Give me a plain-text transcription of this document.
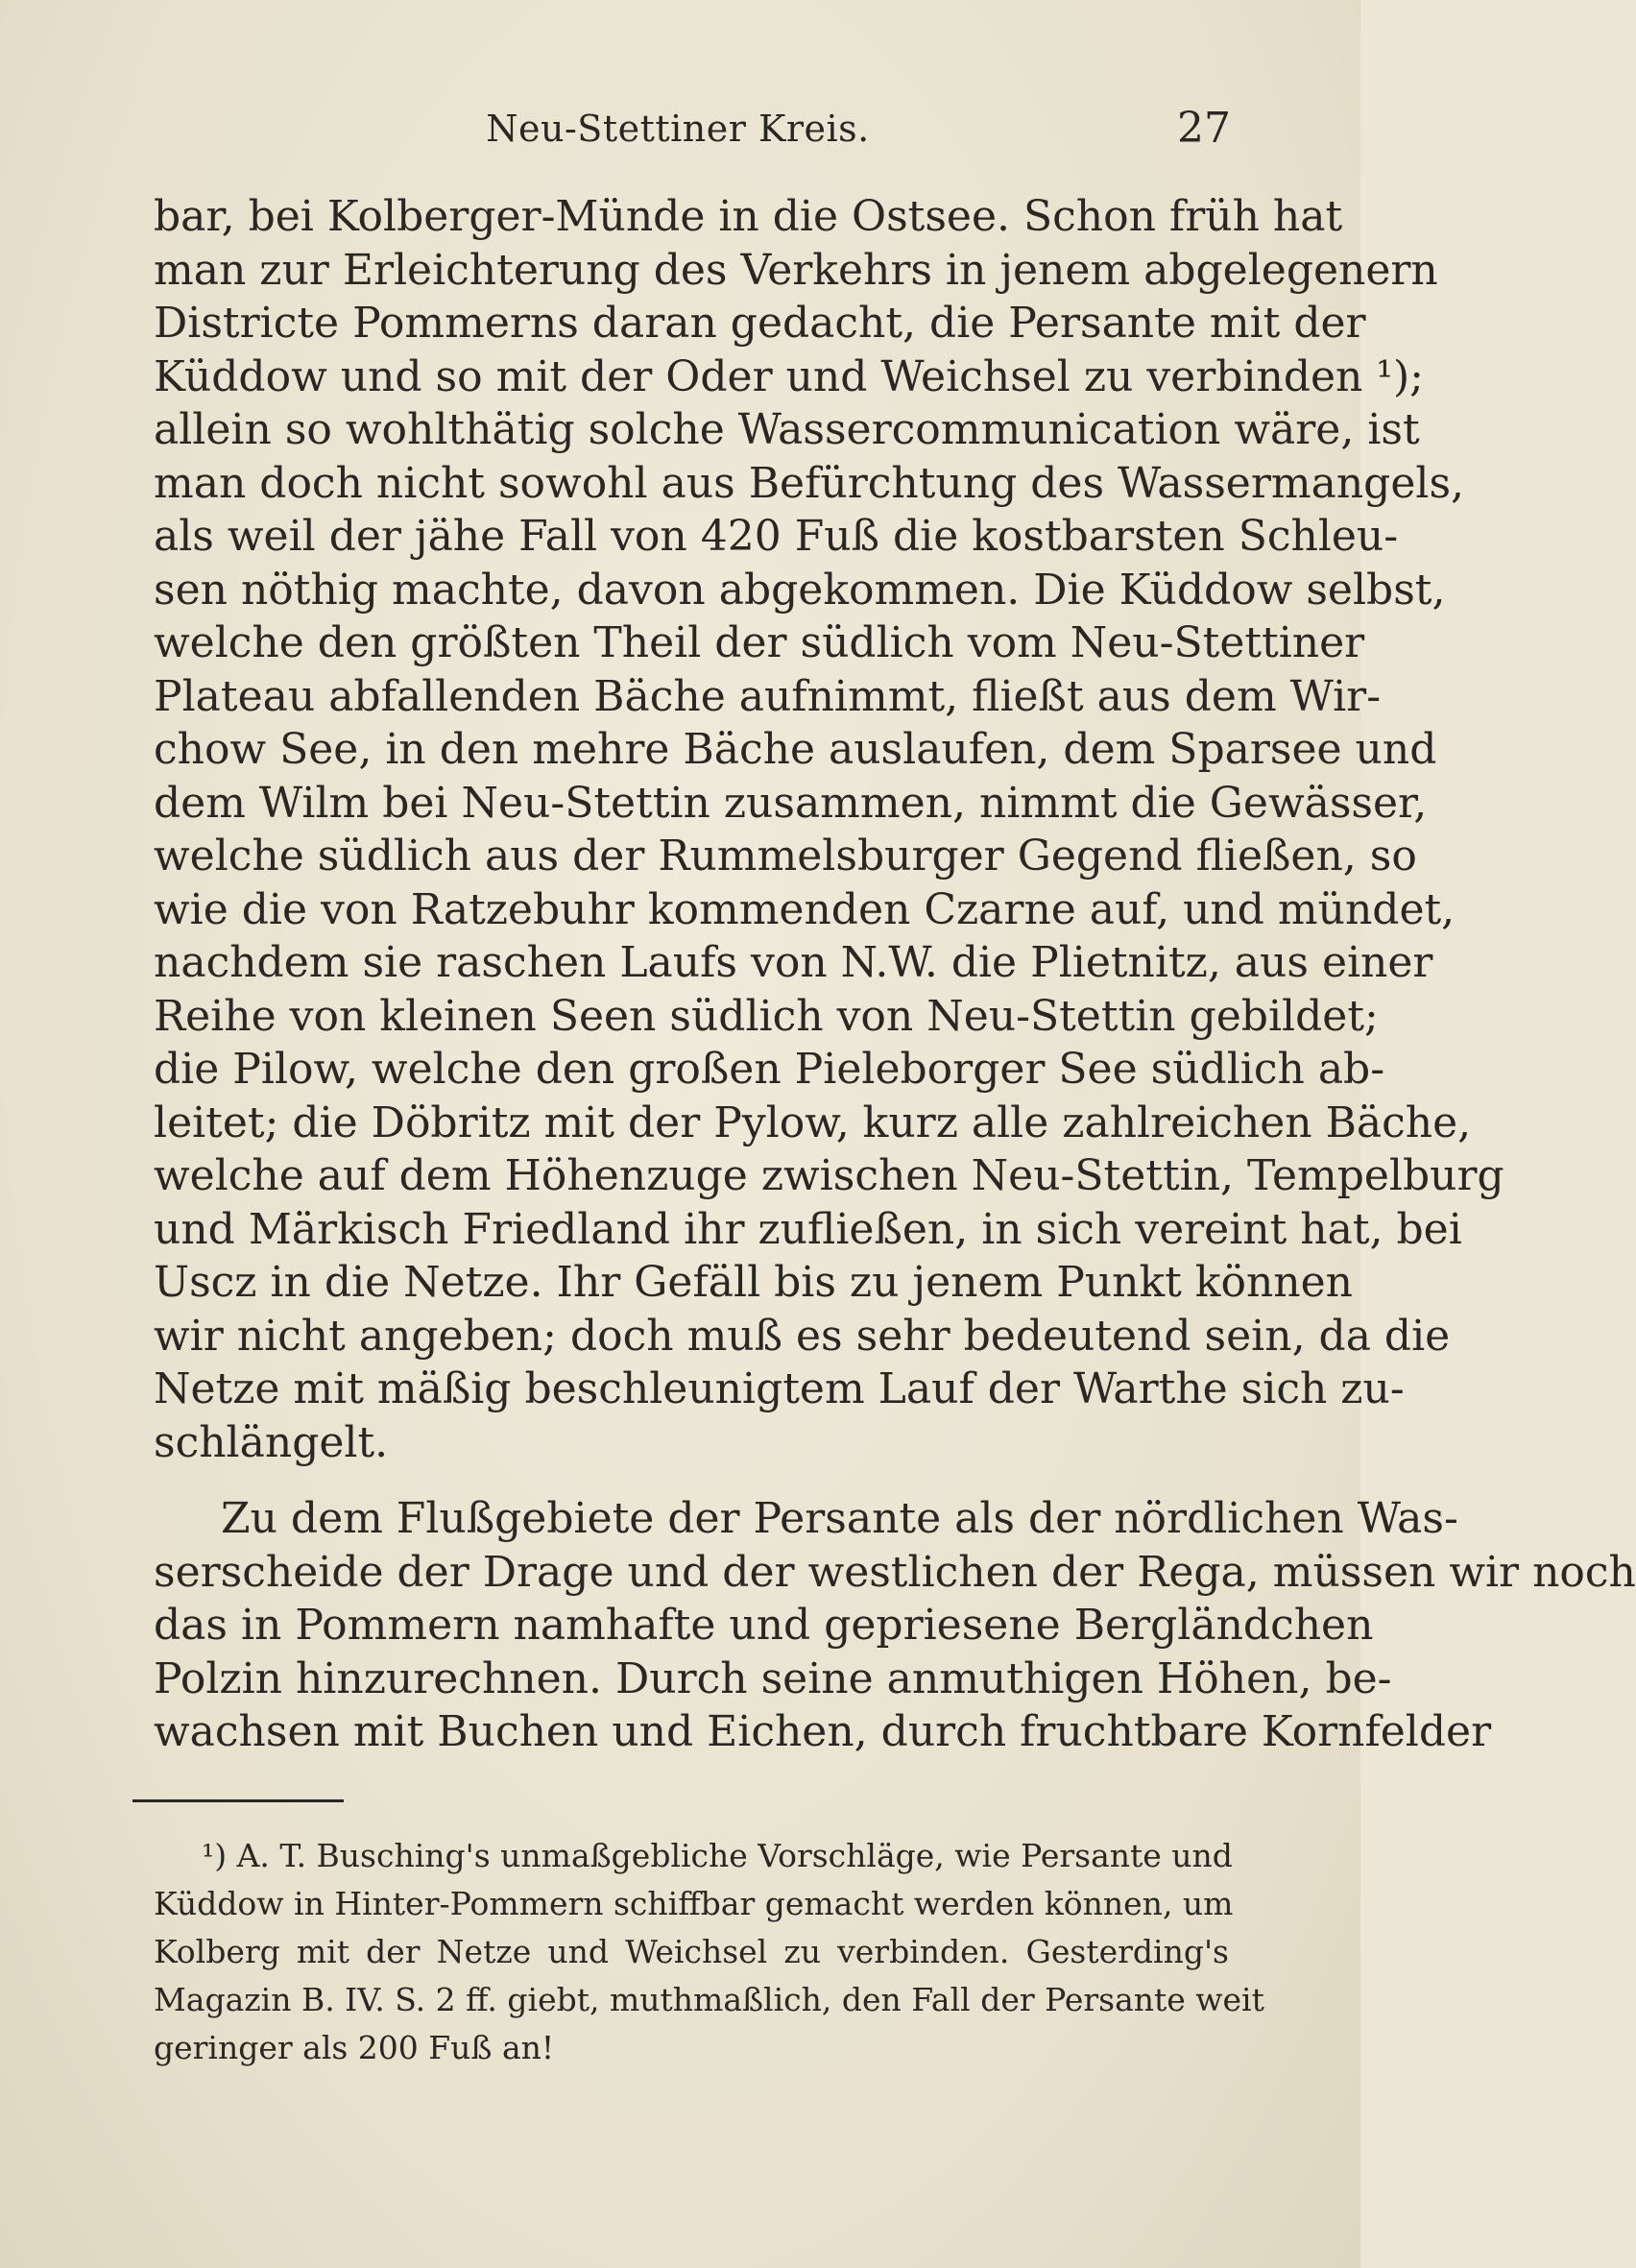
Neu-Stettiner Kreis.	27
bar, bei Kolberger-Münde in die Ostsee. Schon früh hat
man zur Erleichterung des Verkehrs in jenem abgelegenern
Districte Pommerns daran gedacht, die Persante mit der
Küddow und so mit der Oder und Weichsel zu verbinden ¹);
allein so wohlthätig solche Wassercommunication wäre, ist
man doch nicht sowohl aus Befürchtung des Wassermangels,
als weil der jähe Fall von 420 Fuß die kostbarsten Schleu-
sen nöthig machte, davon abgekommen. Die Küddow selbst,
welche den größten Theil der südlich vom Neu-Stettiner
Plateau abfallenden Bäche aufnimmt, fließt aus dem Wir-
chow See, in den mehre Bäche auslaufen, dem Sparsee und
dem Wilm bei Neu-Stettin zusammen, nimmt die Gewässer,
welche südlich aus der Rummelsburger Gegend fließen, so
wie die von Ratzebuhr kommenden Czarne auf, und mündet,
nachdem sie raschen Laufs von N.W. die Plietnitz, aus einer
Reihe von kleinen Seen südlich von Neu-Stettin gebildet;
die Pilow, welche den großen Pieleborger See südlich ab-
leitet; die Döbritz mit der Pylow, kurz alle zahlreichen Bäche,
welche auf dem Höhenzuge zwischen Neu-Stettin, Tempelburg
und Märkisch Friedland ihr zufließen, in sich vereint hat, bei
Uscz in die Netze. Ihr Gefäll bis zu jenem Punkt können
wir nicht angeben; doch muß es sehr bedeutend sein, da die
Netze mit mäßig beschleunigtem Lauf der Warthe sich zu-
schlängelt.
Zu dem Flußgebiete der Persante als der nördlichen Was-
serscheide der Drage und der westlichen der Rega, müssen wir noch
das in Pommern namhafte und gepriesene Bergländchen
Polzin hinzurechnen. Durch seine anmuthigen Höhen, be-
wachsen mit Buchen und Eichen, durch fruchtbare Kornfelder
¹) A. T. Busching's unmaßgebliche Vorschläge, wie Persante und
Küddow in Hinter-Pommern schiffbar gemacht werden können, um
Kolberg mit der Netze und Weichsel zu verbinden. Gesterding's
Magazin B. IV. S. 2 ff. giebt, muthmaßlich, den Fall der Persante weit
geringer als 200 Fuß an!
